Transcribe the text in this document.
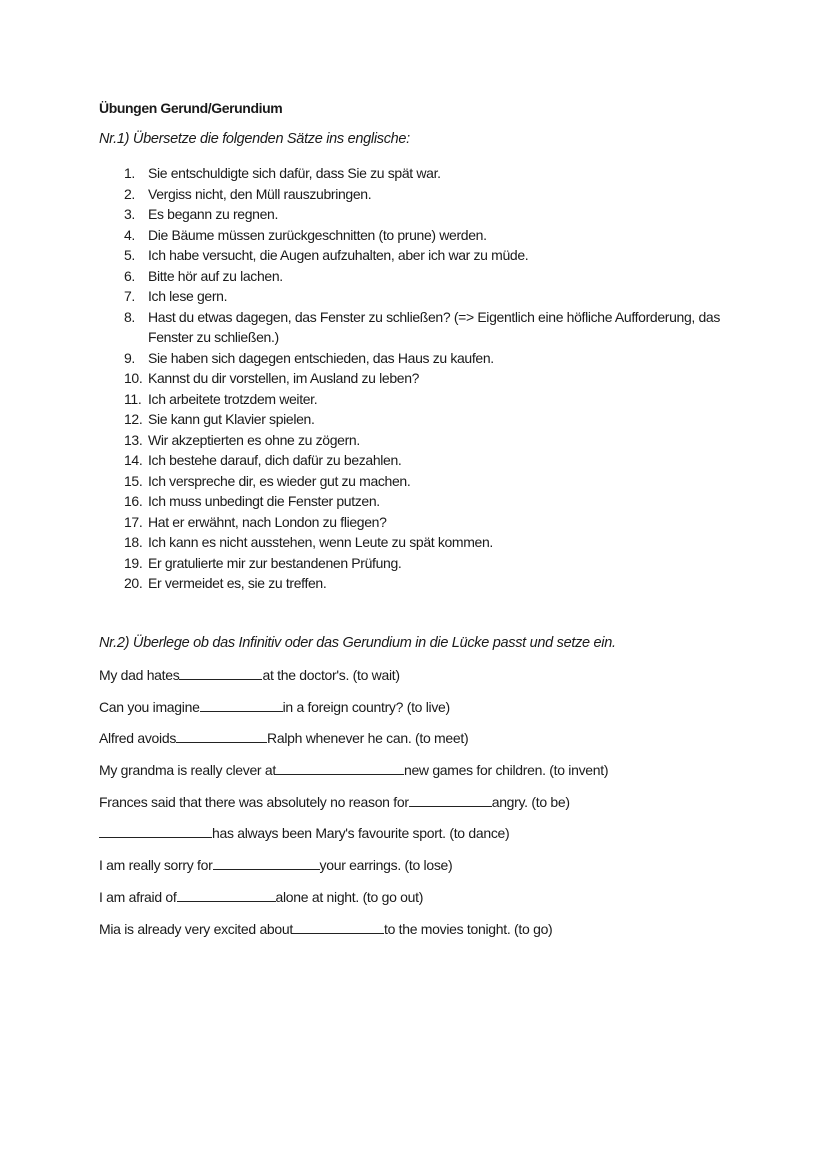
Übungen Gerund/Gerundium
Nr.1) Übersetze die folgenden Sätze ins englische:
1. Sie entschuldigte sich dafür, dass Sie zu spät war.
2. Vergiss nicht, den Müll rauszubringen.
3. Es begann zu regnen.
4. Die Bäume müssen zurückgeschnitten (to prune) werden.
5. Ich habe versucht, die Augen aufzuhalten, aber ich war zu müde.
6. Bitte hör auf zu lachen.
7. Ich lese gern.
8. Hast du etwas dagegen, das Fenster zu schließen? (=> Eigentlich eine höfliche Aufforderung, das Fenster zu schließen.)
9. Sie haben sich dagegen entschieden, das Haus zu kaufen.
10. Kannst du dir vorstellen, im Ausland zu leben?
11. Ich arbeitete trotzdem weiter.
12. Sie kann gut Klavier spielen.
13. Wir akzeptierten es ohne zu zögern.
14. Ich bestehe darauf, dich dafür zu bezahlen.
15. Ich verspreche dir, es wieder gut zu machen.
16. Ich muss unbedingt die Fenster putzen.
17. Hat er erwähnt, nach London zu fliegen?
18. Ich kann es nicht ausstehen, wenn Leute zu spät kommen.
19. Er gratulierte mir zur bestandenen Prüfung.
20. Er vermeidet es, sie zu treffen.
Nr.2) Überlege ob das Infinitiv oder das Gerundium in die Lücke passt und setze ein.
My dad hates	at the doctor's. (to wait)
Can you imagine	in a foreign country? (to live)
Alfred avoids	Ralph whenever he can. (to meet)
My grandma is really clever at	new games for children. (to invent)
Frances said that there was absolutely no reason for	angry. (to be)
has always been Mary's favourite sport. (to dance)
I am really sorry for	your earrings. (to lose)
I am afraid of	alone at night. (to go out)
Mia is already very excited about	to the movies tonight. (to go)
